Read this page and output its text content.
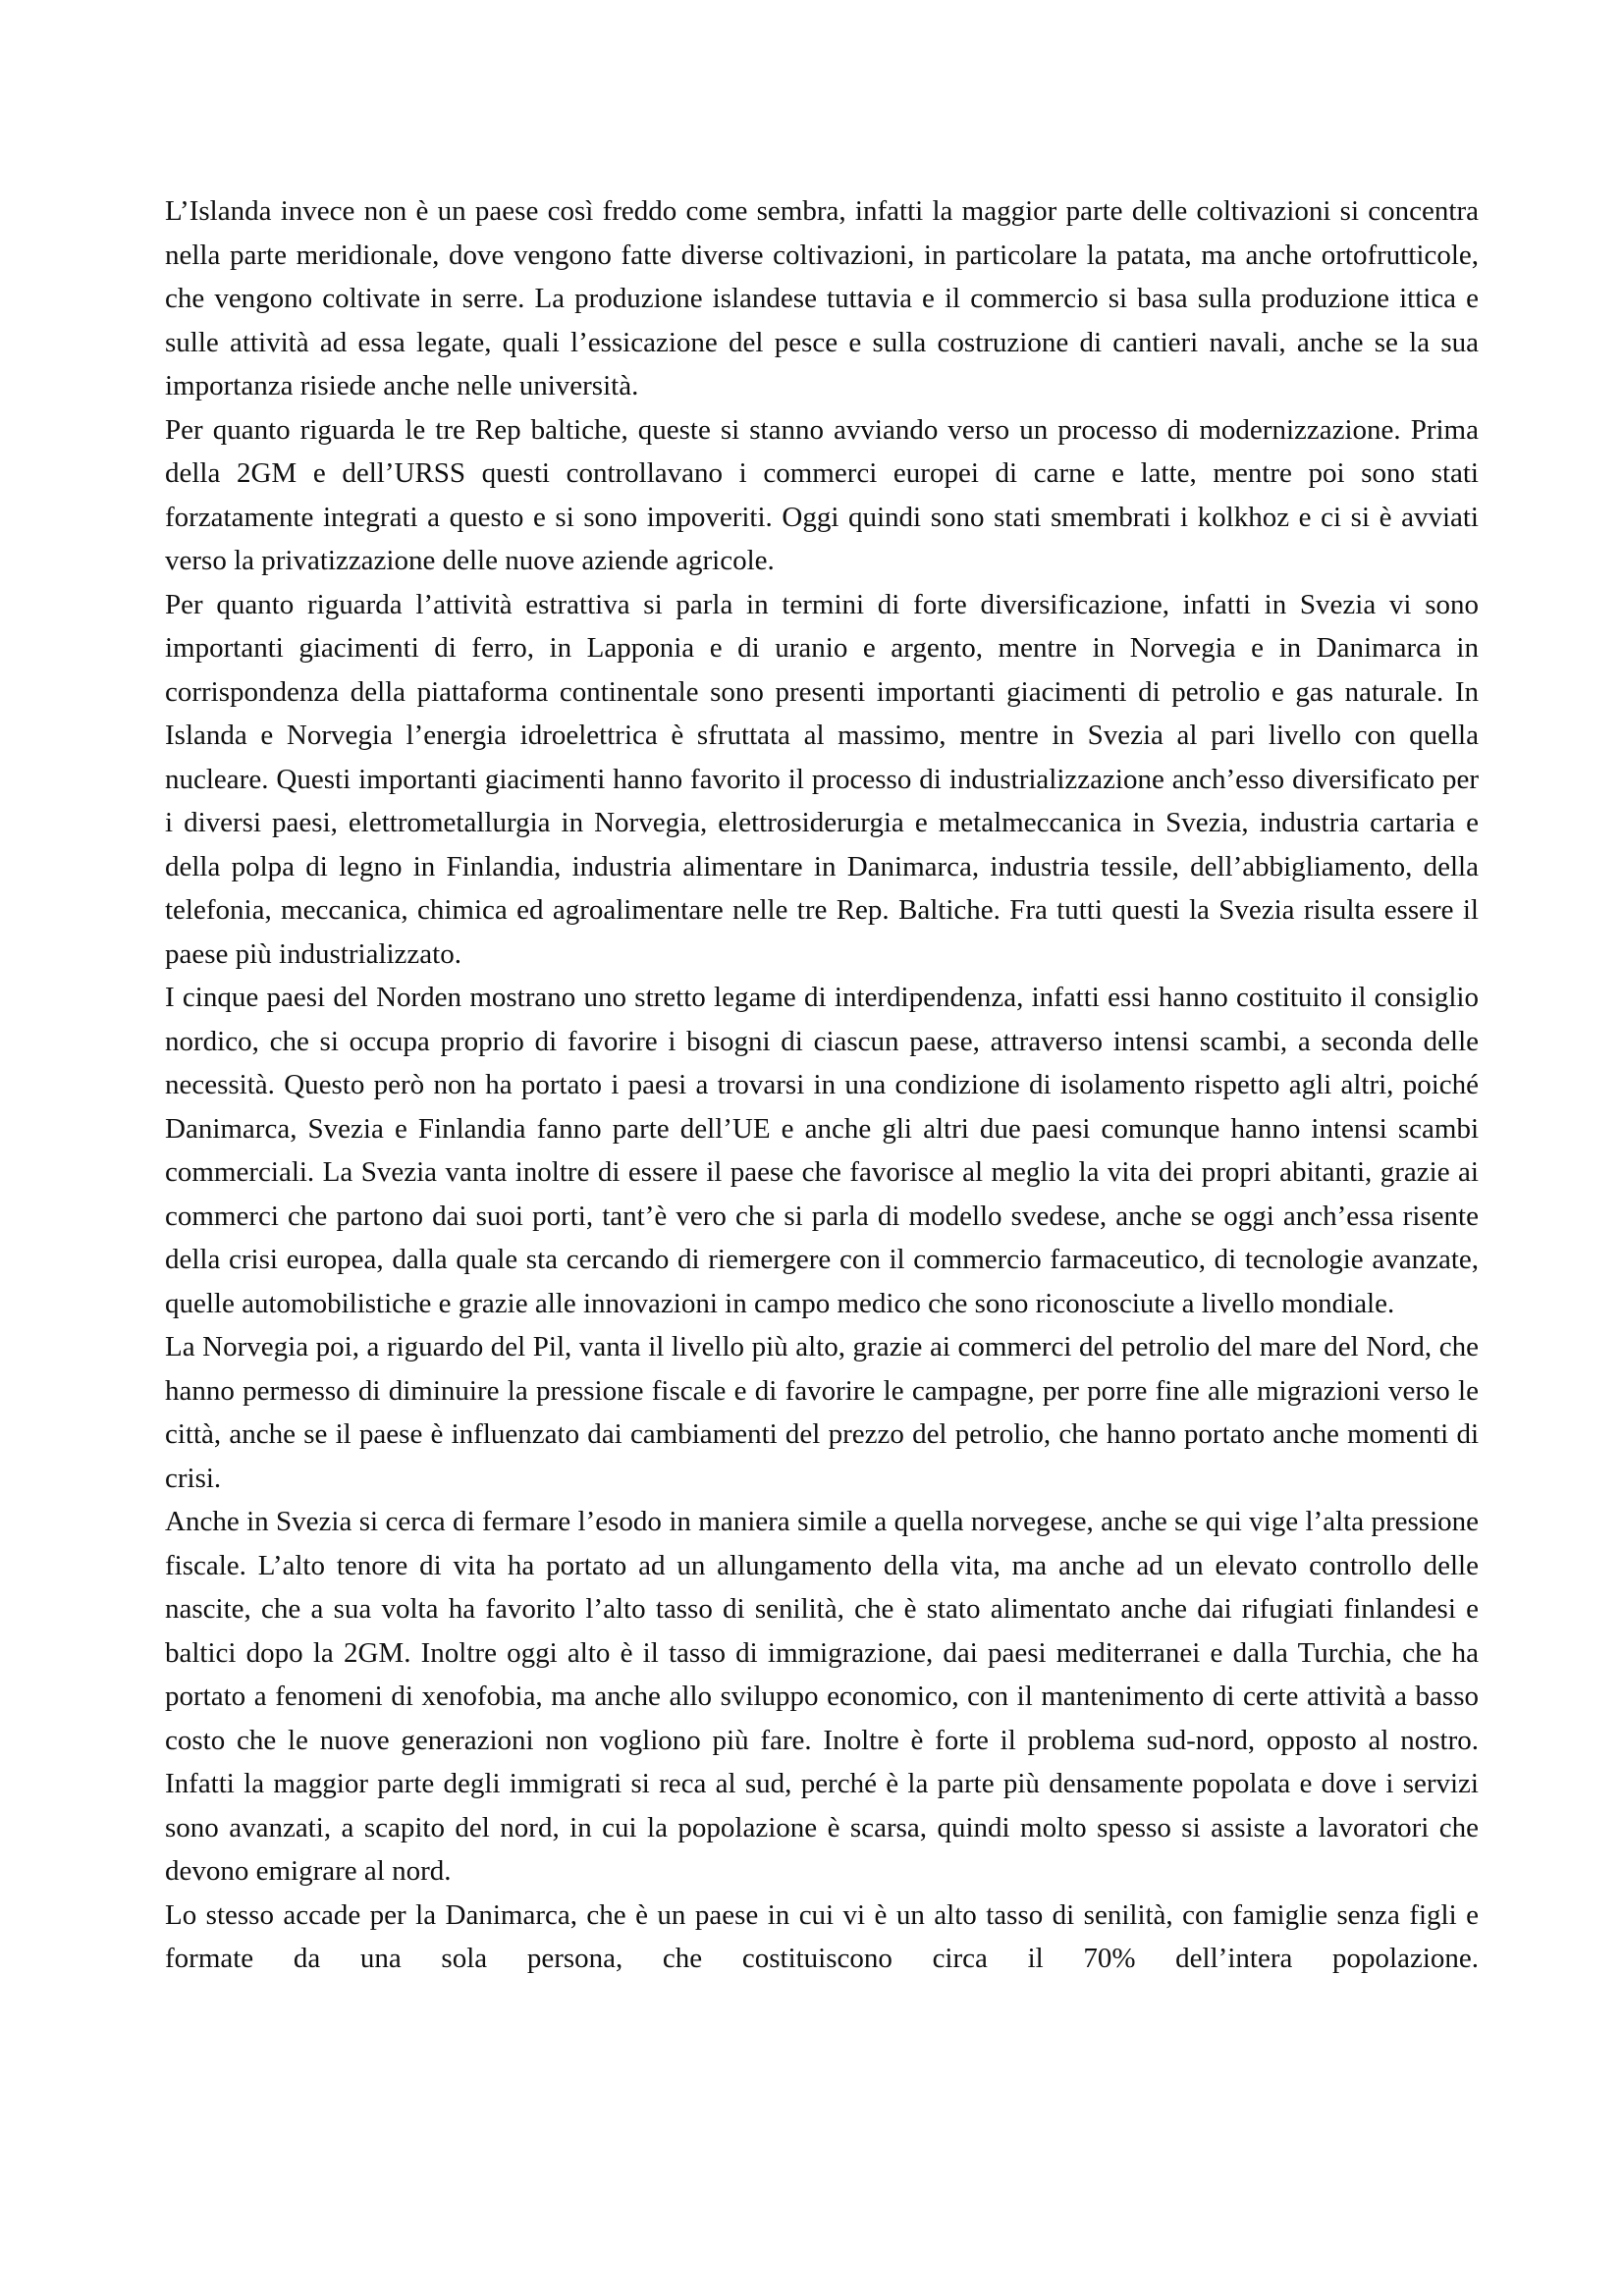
L’Islanda invece non è un paese così freddo come sembra, infatti la maggior parte delle coltivazioni si concentra nella parte meridionale, dove vengono fatte diverse coltivazioni, in particolare la patata, ma anche ortofrutticole, che vengono coltivate in serre. La produzione islandese tuttavia e il commercio si basa sulla produzione ittica e sulle attività ad essa legate, quali l’essicazione del pesce e sulla costruzione di cantieri navali, anche se la sua importanza risiede anche nelle università.

Per quanto riguarda le tre Rep baltiche, queste si stanno avviando verso un processo di modernizzazione. Prima della 2GM e dell’URSS questi controllavano i commerci europei di carne e latte, mentre poi sono stati forzatamente integrati a questo e si sono impoveriti. Oggi quindi sono stati smembrati i kolkhoz e ci si è avviati verso la privatizzazione delle nuove aziende agricole.

Per quanto riguarda l’attività estrattiva si parla in termini di forte diversificazione, infatti in Svezia vi sono importanti giacimenti di ferro, in Lapponia e di uranio e argento, mentre in Norvegia e in Danimarca in corrispondenza della piattaforma continentale sono presenti importanti giacimenti di petrolio e gas naturale. In Islanda e Norvegia l’energia idroelettrica è sfruttata al massimo, mentre in Svezia al pari livello con quella nucleare. Questi importanti giacimenti hanno favorito il processo di industrializzazione anch’esso diversificato per i diversi paesi, elettrometallurgia in Norvegia, elettrosiderurgia e metalmeccanica in Svezia, industria cartaria e della polpa di legno in Finlandia, industria alimentare in Danimarca, industria tessile, dell’abbigliamento, della telefonia, meccanica, chimica ed agroalimentare nelle tre Rep. Baltiche. Fra tutti questi la Svezia risulta essere il paese più industrializzato.

I cinque paesi del Norden mostrano uno stretto legame di interdipendenza, infatti essi hanno costituito il consiglio nordico, che si occupa proprio di favorire i bisogni di ciascun paese, attraverso intensi scambi, a seconda delle necessità. Questo però non ha portato i paesi a trovarsi in una condizione di isolamento rispetto agli altri, poiché Danimarca, Svezia e Finlandia fanno parte dell’UE e anche gli altri due paesi comunque hanno intensi scambi commerciali. La Svezia vanta inoltre di essere il paese che favorisce al meglio la vita dei propri abitanti, grazie ai commerci che partono dai suoi porti, tant’è vero che si parla di modello svedese, anche se oggi anch’essa risente della crisi europea, dalla quale sta cercando di riemergere con il commercio farmaceutico, di tecnologie avanzate, quelle automobilistiche e grazie alle innovazioni in campo medico che sono riconosciute a livello mondiale.

La Norvegia poi, a riguardo del Pil, vanta il livello più alto, grazie ai commerci del petrolio del mare del Nord, che hanno permesso di diminuire la pressione fiscale e di favorire le campagne, per porre fine alle migrazioni verso le città, anche se il paese è influenzato dai cambiamenti del prezzo del petrolio, che hanno portato anche momenti di crisi.

Anche in Svezia si cerca di fermare l’esodo in maniera simile a quella norvegese, anche se qui vige l’alta pressione fiscale. L’alto tenore di vita ha portato ad un allungamento della vita, ma anche ad un elevato controllo delle nascite, che a sua volta ha favorito l’alto tasso di senilità, che è stato alimentato anche dai rifugiati finlandesi e baltici dopo la 2GM. Inoltre oggi alto è il tasso di immigrazione, dai paesi mediterranei e dalla Turchia, che ha portato a fenomeni di xenofobia, ma anche allo sviluppo economico, con il mantenimento di certe attività a basso costo che le nuove generazioni non vogliono più fare. Inoltre è forte il problema sud-nord, opposto al nostro. Infatti la maggior parte degli immigrati si reca al sud, perché è la parte più densamente popolata e dove i servizi sono avanzati, a scapito del nord, in cui la popolazione è scarsa, quindi molto spesso si assiste a lavoratori che devono emigrare al nord.

Lo stesso accade per la Danimarca, che è un paese in cui vi è un alto tasso di senilità, con famiglie senza figli e formate da una sola persona, che costituiscono circa il 70% dell’intera popolazione.
